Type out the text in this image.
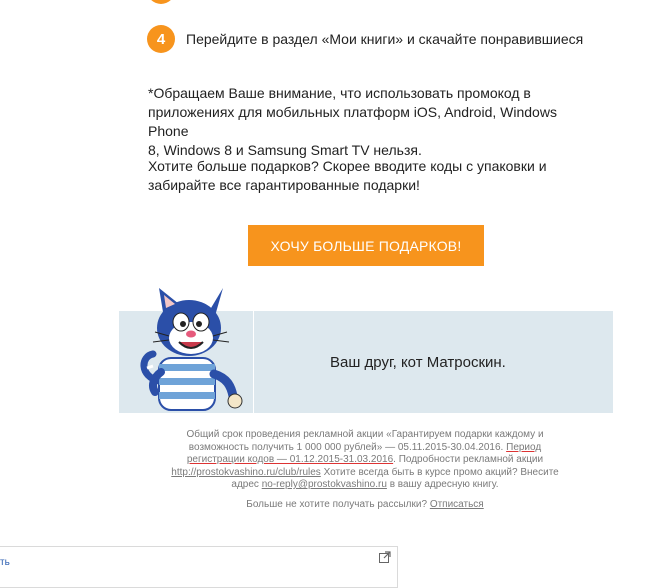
4 Перейдите в раздел «Мои книги» и скачайте понравившиеся
*Обращаем Ваше внимание, что использовать промокод в
приложениях для мобильных платформ iOS, Android, Windows Phone
8, Windows 8 и Samsung Smart TV нельзя.
Хотите больше подарков? Скорее вводите коды с упаковки и
забирайте все гарантированные подарки!
ХОЧУ БОЛЬШЕ ПОДАРКОВ!
Ваш друг, кот Матроскин.
Общий срок проведения рекламной акции «Гарантируем подарки каждому и
возможность получить 1 000 000 рублей» — 05.11.2015-30.04.2016. Период
регистрации кодов — 01.12.2015-31.03.2016. Подробности рекламной акции
http://prostokvashino.ru/club/rules Хотите всегда быть в курсе промо акций? Внесите
адрес no-reply@prostokvashino.ru в вашу адресную книгу.
Больше не хотите получать рассылки? Отписаться
ть
